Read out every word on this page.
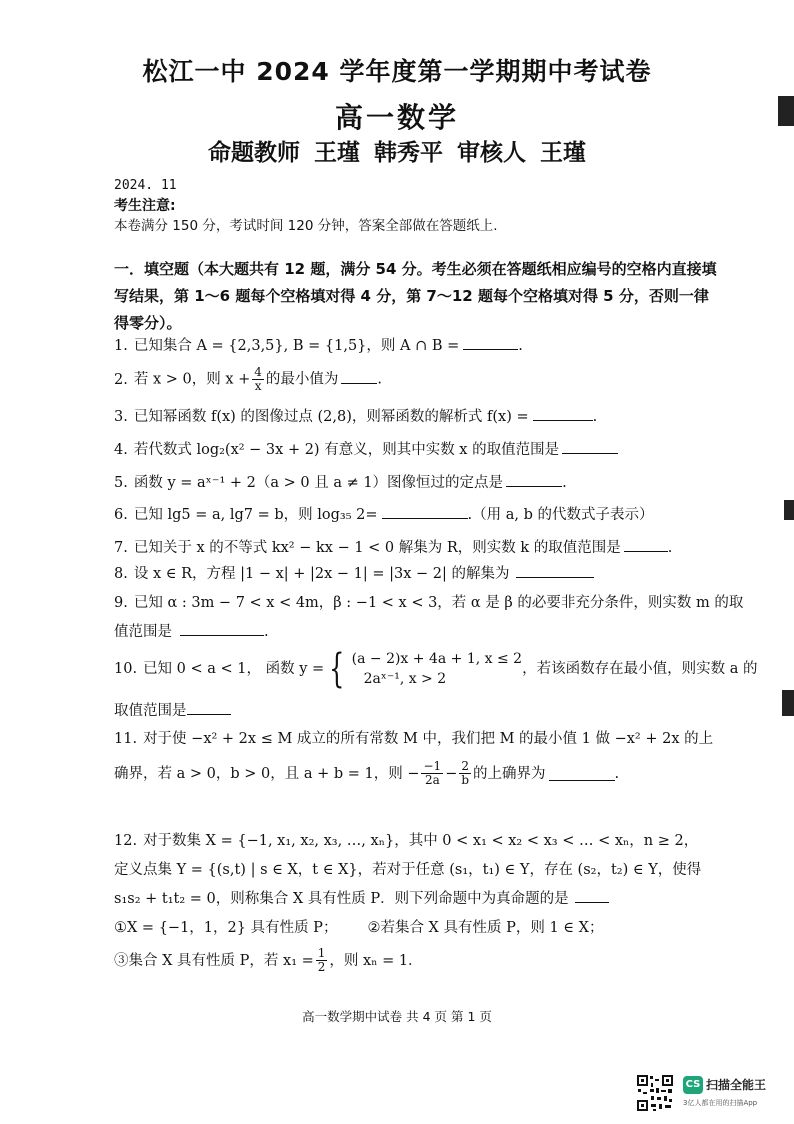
松江一中 2024 学年度第一学期期中考试卷
高一数学
命题教师 王瑾 韩秀平 审核人 王瑾
2024. 11
考生注意:
本卷满分 150 分，考试时间 120 分钟，答案全部做在答题纸上.
一．填空题（本大题共有 12 题，满分 54 分。考生必须在答题纸相应编号的空格内直接填写结果，第 1～6 题每个空格填对得 4 分，第 7～12 题每个空格填对得 5 分，否则一律得零分）。
1. 已知集合 A = {2,3,5}, B = {1,5}，则 A ∩ B =	.
2. 若 x > 0，则 $x + \frac{4}{x}$ 的最小值为	.
3. 已知幂函数 f(x) 的图像过点 (2,8)，则幂函数的解析式 f(x) =	.
4. 若代数式 log₂(x² − 3x + 2) 有意义，则其中实数 x 的取值范围是
5. 函数 y = aˣ⁻¹ + 2（a > 0 且 a ≠ 1）图像恒过的定点是	.
6. 已知 lg5 = a, lg7 = b，则 log₃₅ 2=	.（用 a, b 的代数式子表示）
7. 已知关于 x 的不等式 kx² − kx − 1 < 0 解集为 R，则实数 k 的取值范围是	.
8. 设 x ∈ R，方程 |1 − x| + |2x − 1| = |3x − 2| 的解集为
9. 已知 α : 3m − 7 < x < 4m，β : −1 < x < 3，若 α 是 β 的必要非充分条件，则实数 m 的取
值范围是	.
10. 已知 0 < a < 1， 函数 y = { (a − 2)x + 4a + 1, x ≤ 2
2aˣ⁻¹, x > 2
，若该函数存在最小值，则实数 a 的
取值范围是
11. 对于使 −x² + 2x ≤ M 成立的所有常数 M 中，我们把 M 的最小值 1 做 −x² + 2x 的上
确界，若 a > 0，b > 0，且 a + b = 1，则 − $\frac{-1}{2a} - \frac{2}{b}$ 的上确界为	.
12. 对于数集 X = {−1, x₁, x₂, x₃, …, xₙ}，其中 0 < x₁ < x₂ < x₃ < … < xₙ，n ≥ 2，
定义点集 Y = {(s,t) | s ∈ X，t ∈ X}，若对于任意 (s₁，t₁) ∈ Y，存在 (s₂，t₂) ∈ Y，使得
s₁s₂ + t₁t₂ = 0，则称集合 X 具有性质 P．则下列命题中为真命题的是
①X = {−1，1，2} 具有性质 P； ②若集合 X 具有性质 P，则 1 ∈ X；
③集合 X 具有性质 P，若 $x_1 = \frac{1}{2}$ ，则 xₙ = 1．
高一数学期中试卷 共 4 页 第 1 页
CS 扫描全能王
3亿人都在用的扫描App
